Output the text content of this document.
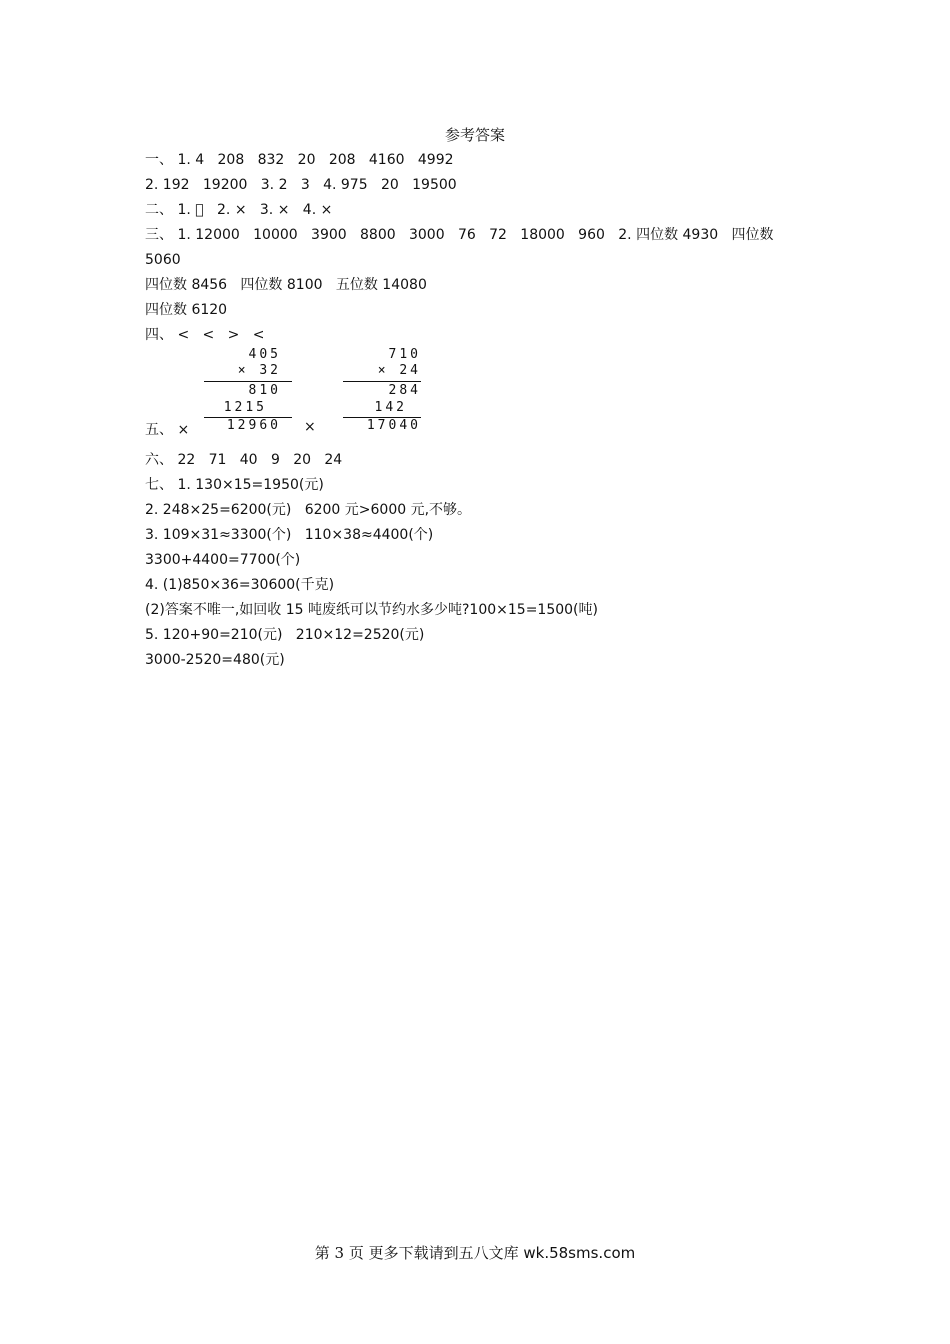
参考答案
一、 1. 4   208   832   20   208   4160   4992
2. 192   19200   3. 2   3   4. 975   20   19500
二、 1.     2. ×   3. ×   4. ×
三、 1. 12000   10000   3900   8800   3000   76   72   18000   960   2. 四位数 4930   四位数
5060
四位数 8456   四位数 8100   五位数 14080
四位数 6120
四、 <   <   >   <
五、 ×	×
405
× 32
810
1215
12960
710
× 24
284
142
17040
六、 22   71   40   9   20   24
七、 1. 130×15=1950(元)
2. 248×25=6200(元)   6200 元>6000 元,不够。
3. 109×31≈3300(个)   110×38≈4400(个)
3300+4400=7700(个)
4. (1)850×36=30600(千克)
(2)答案不唯一,如回收 15 吨废纸可以节约水多少吨?100×15=1500(吨)
5. 120+90=210(元)   210×12=2520(元)
3000-2520=480(元)
第 3 页 更多下载请到五八文库 wk.58sms.com
